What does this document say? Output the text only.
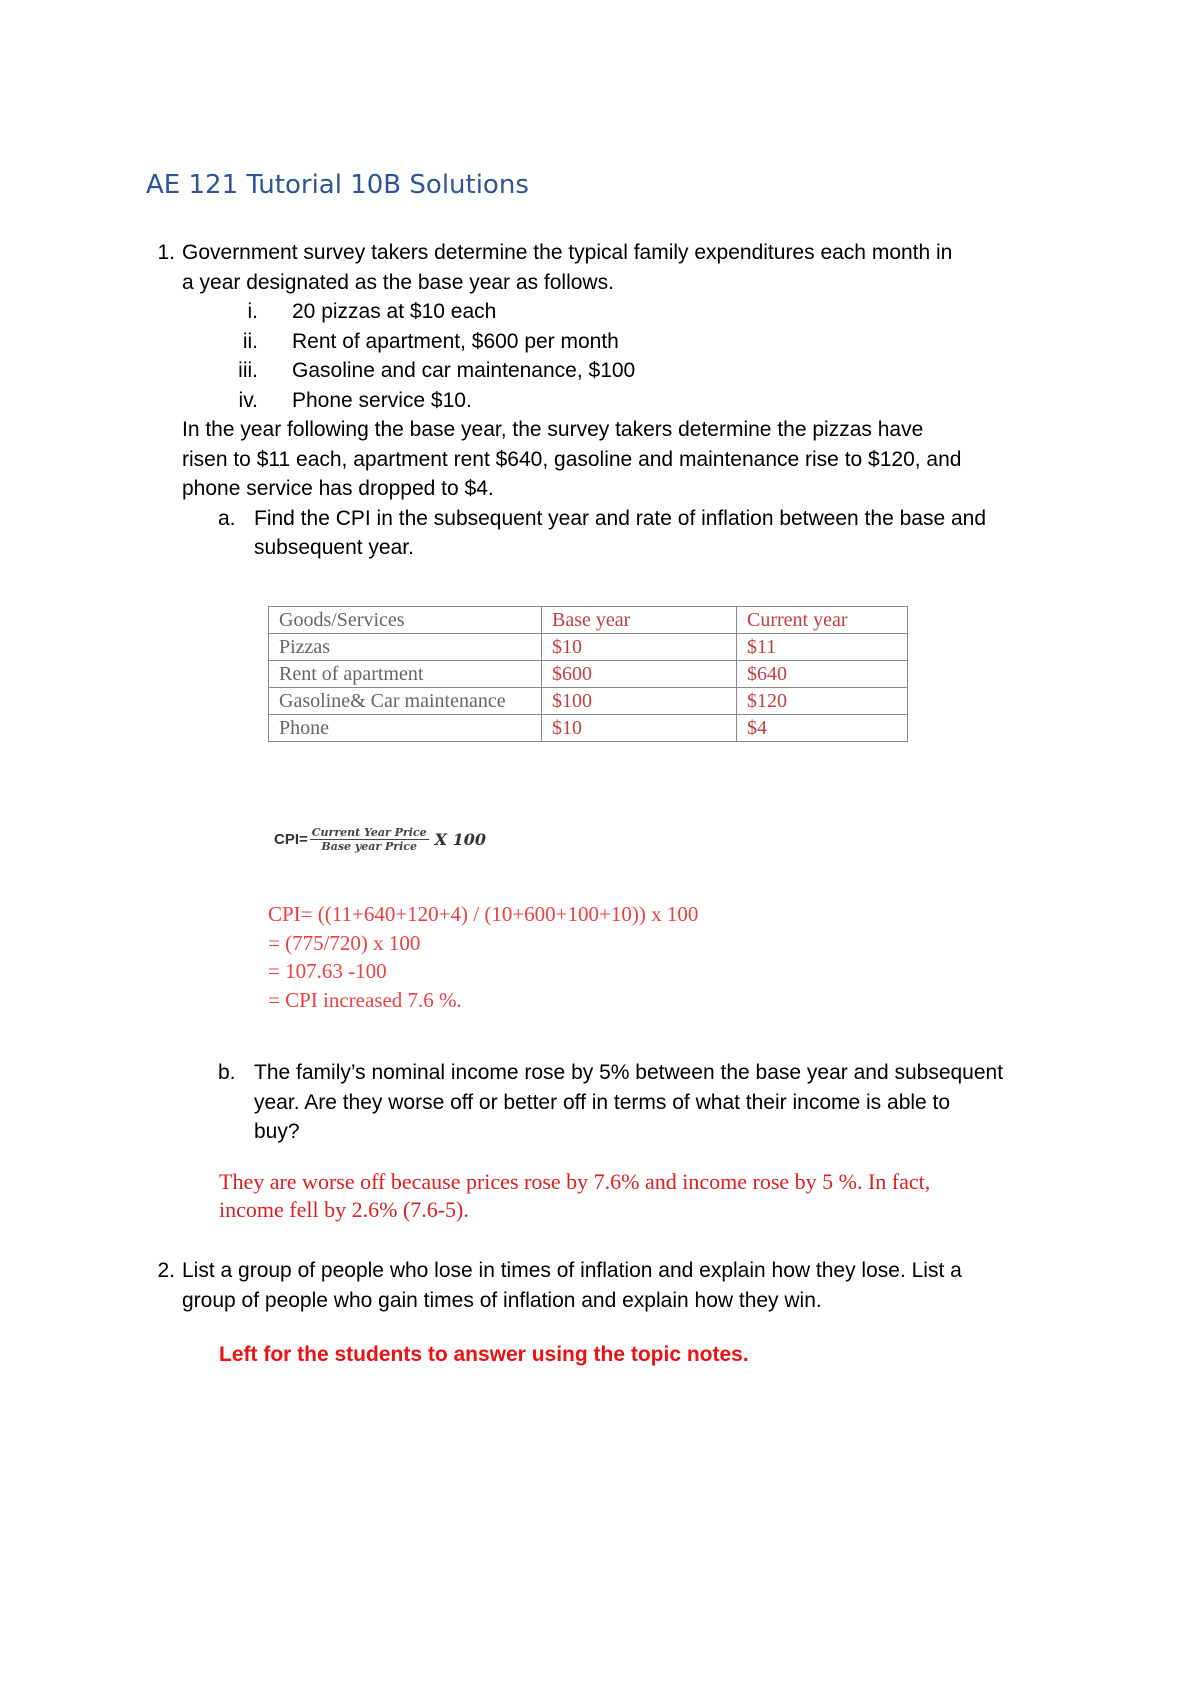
AE 121 Tutorial 10B Solutions
1. Government survey takers determine the typical family expenditures each month in
a year designated as the base year as follows.
i. 20 pizzas at $10 each
ii. Rent of apartment, $600 per month
iii. Gasoline and car maintenance, $100
iv. Phone service $10.
In the year following the base year, the survey takers determine the pizzas have
risen to $11 each, apartment rent $640, gasoline and maintenance rise to $120, and
phone service has dropped to $4.
a. Find the CPI in the subsequent year and rate of inflation between the base and
subsequent year.
Goods/Services	Base year	Current year
Pizzas	$10	$11
Rent of apartment	$600	$640
Gasoline& Car maintenance	$100	$120
Phone	$10	$4
$CPI= \frac{\text{Current Year Price}}{\text{Base year Price}}$ X 100
CPI= ((11+640+120+4) / (10+600+100+10)) x 100
= (775/720) x 100
= 107.63 -100
= CPI increased 7.6 %.
b. The family’s nominal income rose by 5% between the base year and subsequent
year. Are they worse off or better off in terms of what their income is able to
buy?
They are worse off because prices rose by 7.6% and income rose by 5 %. In fact,
income fell by 2.6% (7.6-5).
2. List a group of people who lose in times of inflation and explain how they lose. List a
group of people who gain times of inflation and explain how they win.
Left for the students to answer using the topic notes.
